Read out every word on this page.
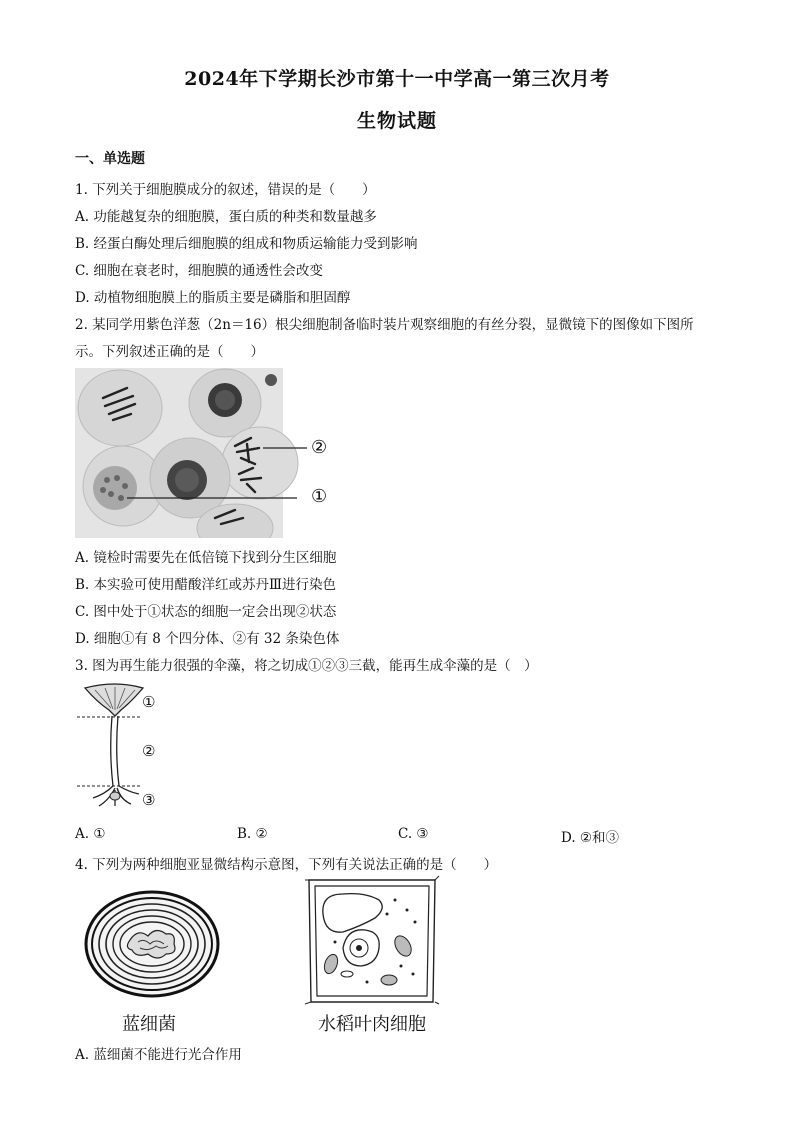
2024年下学期长沙市第十一中学高一第三次月考
生物试题
一、单选题
1. 下列关于细胞膜成分的叙述，错误的是（　　）
A. 功能越复杂的细胞膜，蛋白质的种类和数量越多
B. 经蛋白酶处理后细胞膜的组成和物质运输能力受到影响
C. 细胞在衰老时，细胞膜的通透性会改变
D. 动植物细胞膜上的脂质主要是磷脂和胆固醇
2. 某同学用紫色洋葱（2n＝16）根尖细胞制备临时装片观察细胞的有丝分裂，显微镜下的图像如下图所
示。下列叙述正确的是（　　）
②
①
A. 镜检时需要先在低倍镜下找到分生区细胞
B. 本实验可使用醋酸洋红或苏丹Ⅲ进行染色
C. 图中处于①状态的细胞一定会出现②状态
D. 细胞①有 8 个四分体、②有 32 条染色体
3. 图为再生能力很强的伞藻，将之切成①②③三截，能再生成伞藻的是（　）
①
②
③
A. ①	B. ②	C. ③	D. ②和③
4. 下列为两种细胞亚显微结构示意图，下列有关说法正确的是（　　）
蓝细菌	水稻叶肉细胞
A. 蓝细菌不能进行光合作用
